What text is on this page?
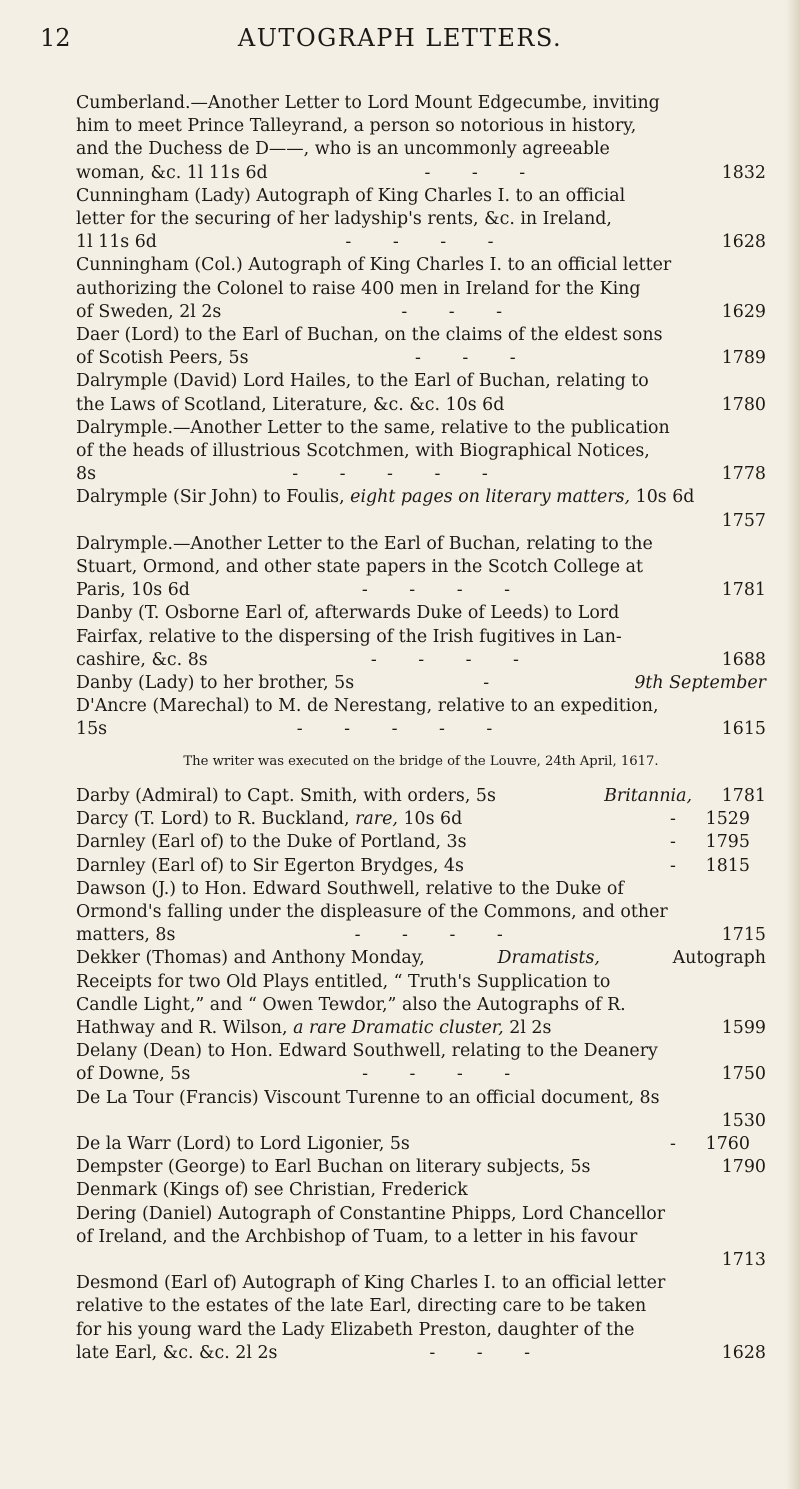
12	AUTOGRAPH LETTERS.
Cumberland.—Another Letter to Lord Mount Edgecumbe, inviting
him to meet Prince Talleyrand, a person so notorious in history,
and the Duchess de D——, who is an uncommonly agreeable
woman, &c. 1l 11s 6d	- - -	1832
Cunningham (Lady) Autograph of King Charles I. to an official
letter for the securing of her ladyship's rents, &c. in Ireland,
1l 11s 6d	- - - -	1628
Cunningham (Col.) Autograph of King Charles I. to an official letter
authorizing the Colonel to raise 400 men in Ireland for the King
of Sweden, 2l 2s	- - -	1629
Daer (Lord) to the Earl of Buchan, on the claims of the eldest sons
of Scotish Peers, 5s	- - -	1789
Dalrymple (David) Lord Hailes, to the Earl of Buchan, relating to
the Laws of Scotland, Literature, &c. &c. 10s 6d	1780
Dalrymple.—Another Letter to the same, relative to the publication
of the heads of illustrious Scotchmen, with Biographical Notices,
8s	- - - - -	1778
Dalrymple (Sir John) to Foulis, eight pages on literary matters, 10s 6d
1757
Dalrymple.—Another Letter to the Earl of Buchan, relating to the
Stuart, Ormond, and other state papers in the Scotch College at
Paris, 10s 6d	- - - -	1781
Danby (T. Osborne Earl of, afterwards Duke of Leeds) to Lord
Fairfax, relative to the dispersing of the Irish fugitives in Lan-
cashire, &c. 8s	- - - -	1688
Danby (Lady) to her brother, 5s	-	9th September
D'Ancre (Marechal) to M. de Nerestang, relative to an expedition,
15s	- - - - -	1615
The writer was executed on the bridge of the Louvre, 24th April, 1617.
Darby (Admiral) to Capt. Smith, with orders, 5s	Britannia, 1781
Darcy (T. Lord) to R. Buckland, rare, 10s 6d	- 1529
Darnley (Earl of) to the Duke of Portland, 3s	- 1795
Darnley (Earl of) to Sir Egerton Brydges, 4s	- 1815
Dawson (J.) to Hon. Edward Southwell, relative to the Duke of
Ormond's falling under the displeasure of the Commons, and other
matters, 8s	- - - -	1715
Dekker (Thomas) and Anthony Monday,	Dramatists,	Autograph
Receipts for two Old Plays entitled, “ Truth's Supplication to
Candle Light,” and “ Owen Tewdor,” also the Autographs of R.
Hathway and R. Wilson, a rare Dramatic cluster, 2l 2s	1599
Delany (Dean) to Hon. Edward Southwell, relating to the Deanery
of Downe, 5s	- - - -	1750
De La Tour (Francis) Viscount Turenne to an official document, 8s
1530
De la Warr (Lord) to Lord Ligonier, 5s	- 1760
Dempster (George) to Earl Buchan on literary subjects, 5s	1790
Denmark (Kings of) see Christian, Frederick
Dering (Daniel) Autograph of Constantine Phipps, Lord Chancellor
of Ireland, and the Archbishop of Tuam, to a letter in his favour
1713
Desmond (Earl of) Autograph of King Charles I. to an official letter
relative to the estates of the late Earl, directing care to be taken
for his young ward the Lady Elizabeth Preston, daughter of the
late Earl, &c. &c. 2l 2s	- - -	1628
